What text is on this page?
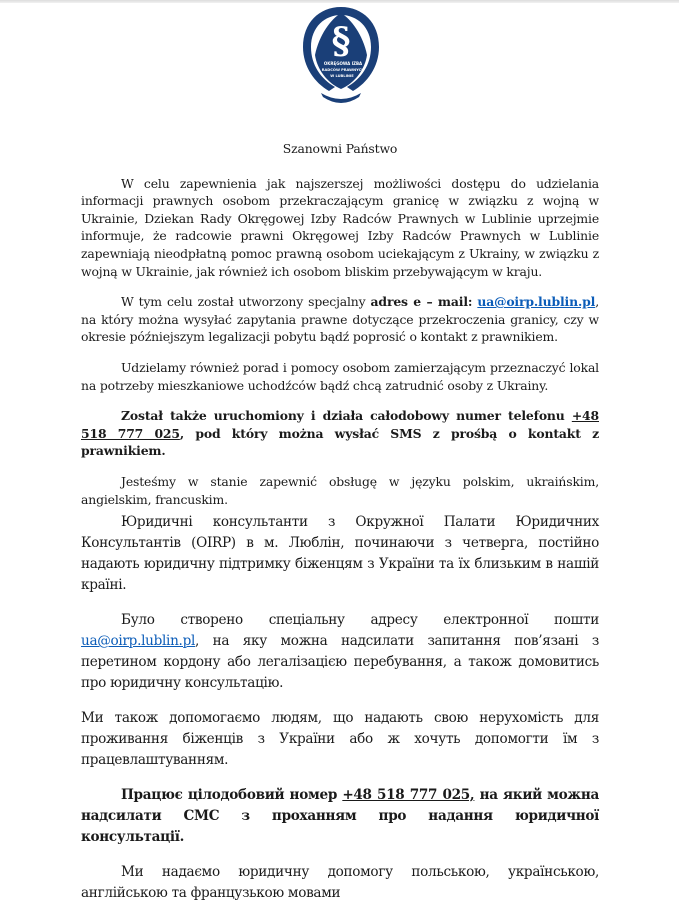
§
OKRĘGOWA IZBA
RADCÓW PRAWNYCH
W LUBLINIE
Szanowni Państwo

W celu zapewnienia jak najszerszej możliwości dostępu do udzielania informacji prawnych osobom przekraczającym granicę w związku z wojną w Ukrainie, Dziekan Rady Okręgowej Izby Radców Prawnych w Lublinie uprzejmie informuje, że radcowie prawni Okręgowej Izby Radców Prawnych w Lublinie zapewniają nieodpłatną pomoc prawną osobom uciekającym z Ukrainy, w związku z wojną w Ukrainie, jak również ich osobom bliskim przebywającym w kraju.

W tym celu został utworzony specjalny adres e – mail: ua@oirp.lublin.pl, na który można wysyłać zapytania prawne dotyczące przekroczenia granicy, czy w okresie późniejszym legalizacji pobytu bądź poprosić o kontakt z prawnikiem.

Udzielamy również porad i pomocy osobom zamierzającym przeznaczyć lokal na potrzeby mieszkaniowe uchodźców bądź chcą zatrudnić osoby z Ukrainy.

Został także uruchomiony i działa całodobowy numer telefonu +48 518 777 025, pod który można wysłać SMS z prośbą o kontakt z prawnikiem.

Jesteśmy w stanie zapewnić obsługę w języku polskim, ukraińskim, angielskim, francuskim.

Юридичні консультанти з Окружної Палати Юридичних Консультантів (OIRP) в м. Люблін, починаючи з четверга, постійно надають юридичну підтримку біженцям з України та їх близьким в нашій країні.

Було створено спеціальну адресу електронної пошти ua@oirp.lublin.pl, на яку можна надсилати запитання пов’язані з перетином кордону або легалізацією перебування, а також домовитись про юридичну консультацію.

Ми також допомогаємо людям, що надають свою нерухомість для проживання біженців з України або ж хочуть допомогти їм з працевлаштуванням.

Працює цілодобовий номер +48 518 777 025, на який можна надсилати СМС з проханням про надання юридичної консультації.

Ми надаємо юридичну допомогу польською, українською, англійською та французькою мовами
